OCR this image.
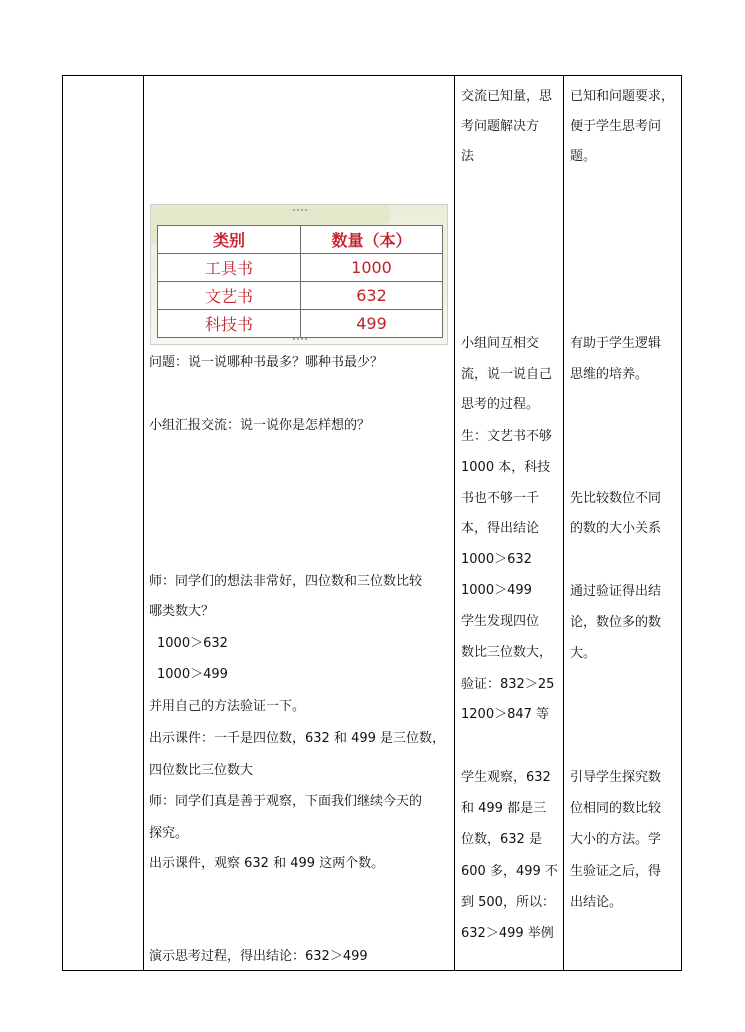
类别	数量（本）
工具书	1000
文艺书	632
科技书	499
问题：说一说哪种书最多？哪种书最少？
小组汇报交流：说一说你是怎样想的？
师：同学们的想法非常好，四位数和三位数比较
哪类数大？
1000＞632
1000＞499
并用自己的方法验证一下。
出示课件：一千是四位数，632 和 499 是三位数，
四位数比三位数大
师：同学们真是善于观察，下面我们继续今天的
探究。
出示课件，观察 632 和 499 这两个数。
演示思考过程，得出结论：632＞499
交流已知量，思
考问题解决方
法
小组间互相交
流，说一说自己
思考的过程。
生：文艺书不够
1000 本，科技
书也不够一千
本，得出结论
1000＞632
1000＞499
学生发现四位
数比三位数大，
验证：832＞25
1200＞847 等
学生观察，632
和 499 都是三
位数，632 是
600 多，499 不
到 500，所以：
632＞499 举例
已知和问题要求，
便于学生思考问
题。
有助于学生逻辑
思维的培养。
先比较数位不同
的数的大小关系
通过验证得出结
论，数位多的数
大。
引导学生探究数
位相同的数比较
大小的方法。学
生验证之后，得
出结论。
